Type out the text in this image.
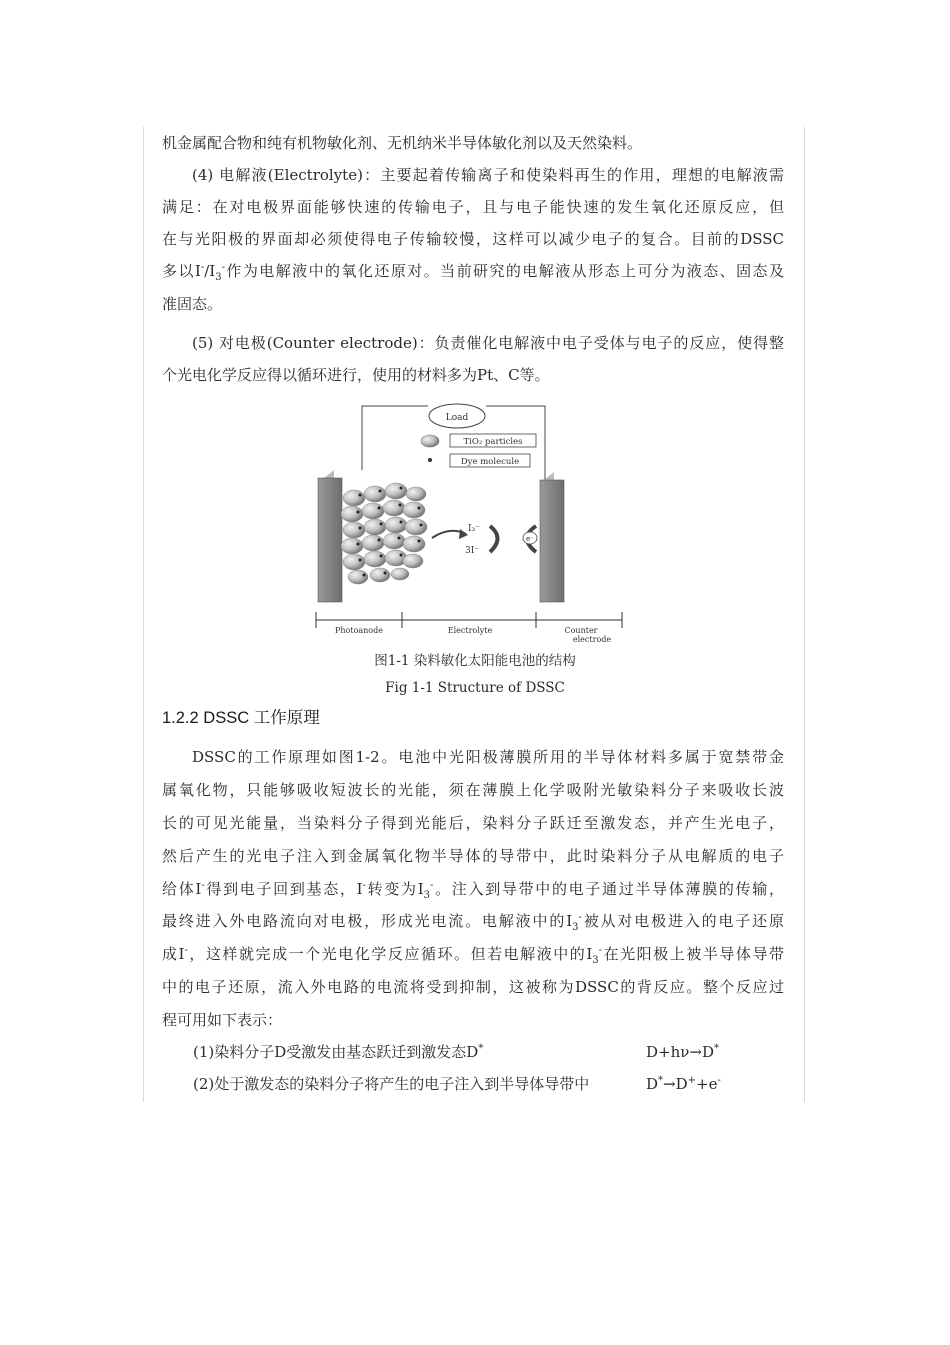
机金属配合物和纯有机物敏化剂、无机纳米半导体敏化剂以及天然染料。
(4) 电解液(Electrolyte)：主要起着传输离子和使染料再生的作用，理想的电解液需
满足：在对电极界面能够快速的传输电子，且与电子能快速的发生氧化还原反应，但
在与光阳极的界面却必须使得电子传输较慢，这样可以减少电子的复合。目前的DSSC
多以$I^-/I_3^-$作为电解液中的氧化还原对。当前研究的电解液从形态上可分为液态、固态及
准固态。
(5) 对电极(Counter electrode)：负责催化电解液中电子受体与电子的反应，使得整
个光电化学反应得以循环进行，使用的材料多为Pt、C等。
Load
TiO₂ particles
Dye molecule
I₃⁻
3I⁻
e⁻
Photoanode	Electrolyte	Counter
electrode
图1-1 染料敏化太阳能电池的结构
Fig 1-1 Structure of DSSC
1.2.2 DSSC 工作原理
DSSC的工作原理如图1-2。电池中光阳极薄膜所用的半导体材料多属于宽禁带金
属氧化物，只能够吸收短波长的光能，须在薄膜上化学吸附光敏染料分子来吸收长波
长的可见光能量，当染料分子得到光能后，染料分子跃迁至激发态，并产生光电子，
然后产生的光电子注入到金属氧化物半导体的导带中，此时染料分子从电解质的电子
给体I-得到电子回到基态，I-转变为$I_3^-$。注入到导带中的电子通过半导体薄膜的传输，
最终进入外电路流向对电极，形成光电流。电解液中的$I_3^-$被从对电极进入的电子还原
成I-，这样就完成一个光电化学反应循环。但若电解液中的$I_3^-$在光阳极上被半导体导带
中的电子还原，流入外电路的电流将受到抑制，这被称为DSSC的背反应。整个反应过
程可用如下表示：
(1)染料分子D受激发由基态跃迁到激发态D*	D+hν→D*
(2)处于激发态的染料分子将产生的电子注入到半导体导带中	D*→D++e-
